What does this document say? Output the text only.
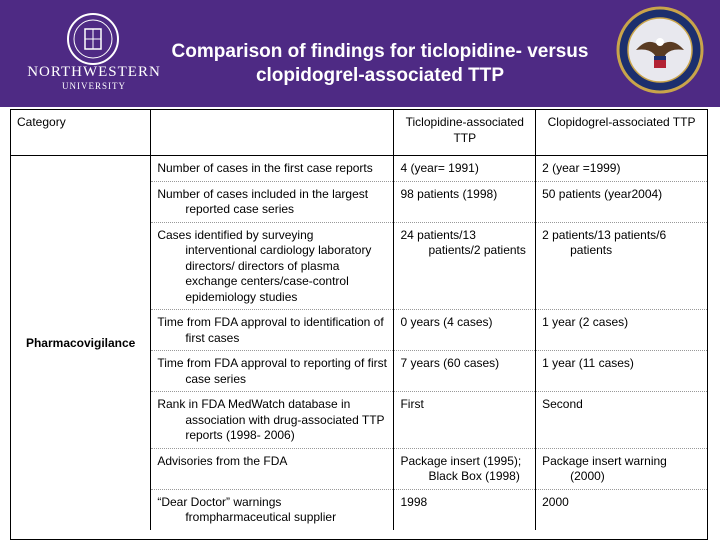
NORTHWESTERN
UNIVERSITY
Comparison of findings for ticlopidine- versus
clopidogrel-associated TTP
Category		Ticlopidine-associated TTP	Clopidogrel-associated TTP
Pharmacovigilance	Number of cases in the first case reports	4 (year= 1991)	2 (year =1999)

	Number of cases included in the largest reported case series	98 patients (1998)	50 patients (year2004)

	Cases identified by surveying interventional cardiology laboratory directors/ directors of plasma exchange centers/case-control epidemiology studies	24 patients/13 patients/2 patients	2 patients/13 patients/6 patients

	Time from FDA approval to identification of first cases	0 years (4 cases)	1 year (2 cases)

	Time from FDA approval to reporting of first case series	7 years (60 cases)	1 year (11 cases)

	Rank in FDA MedWatch database in association with drug-associated TTP reports (1998- 2006)	First	Second

	Advisories from the FDA	Package insert (1995); Black Box (1998)	Package insert warning (2000)

	“Dear Doctor” warnings frompharmaceutical supplier	1998	2000
